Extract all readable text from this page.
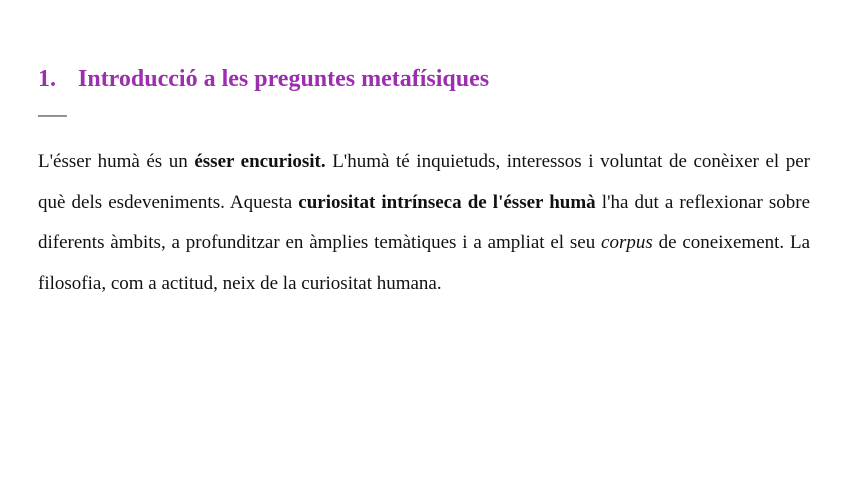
1. Introducció a les preguntes metafísiques
———

L'ésser humà és un ésser encuriosit. L'humà té inquietuds, interessos i voluntat de conèixer el per què dels esdeveniments. Aquesta curiositat intrínseca de l'ésser humà l'ha dut a reflexionar sobre diferents àmbits, a profunditzar en àmplies temàtiques i a ampliat el seu corpus de coneixement. La filosofia, com a actitud, neix de la curiositat humana.
